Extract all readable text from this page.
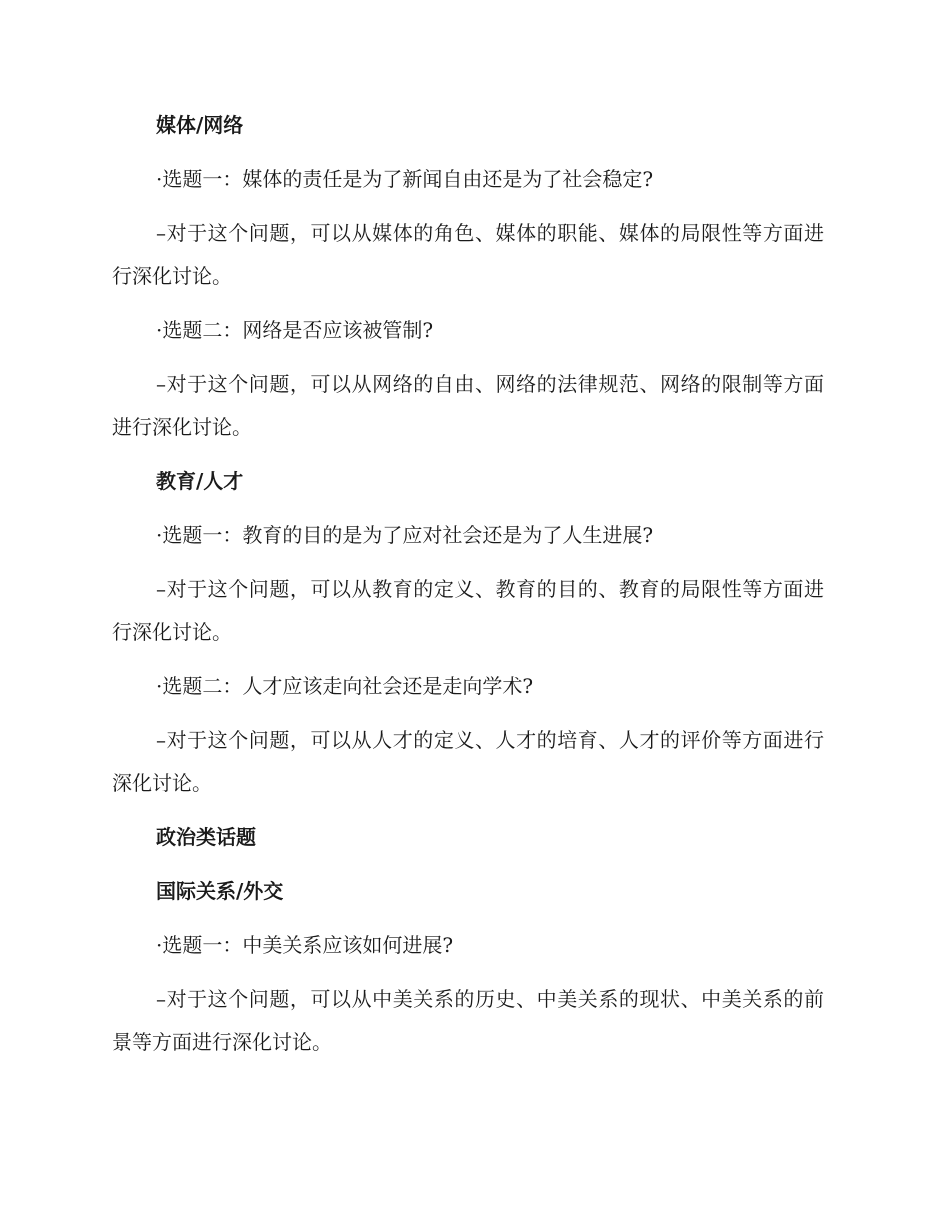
媒体/网络

·选题一：媒体的责任是为了新闻自由还是为了社会稳定?

–对于这个问题，可以从媒体的角色、媒体的职能、媒体的局限性等方面进行深化讨论。

·选题二：网络是否应该被管制?

–对于这个问题，可以从网络的自由、网络的法律规范、网络的限制等方面进行深化讨论。

教育/人才

·选题一：教育的目的是为了应对社会还是为了人生进展?

–对于这个问题，可以从教育的定义、教育的目的、教育的局限性等方面进行深化讨论。

·选题二：人才应该走向社会还是走向学术?

–对于这个问题，可以从人才的定义、人才的培育、人才的评价等方面进行深化讨论。

政治类话题
国际关系/外交

·选题一：中美关系应该如何进展?

–对于这个问题，可以从中美关系的历史、中美关系的现状、中美关系的前景等方面进行深化讨论。
